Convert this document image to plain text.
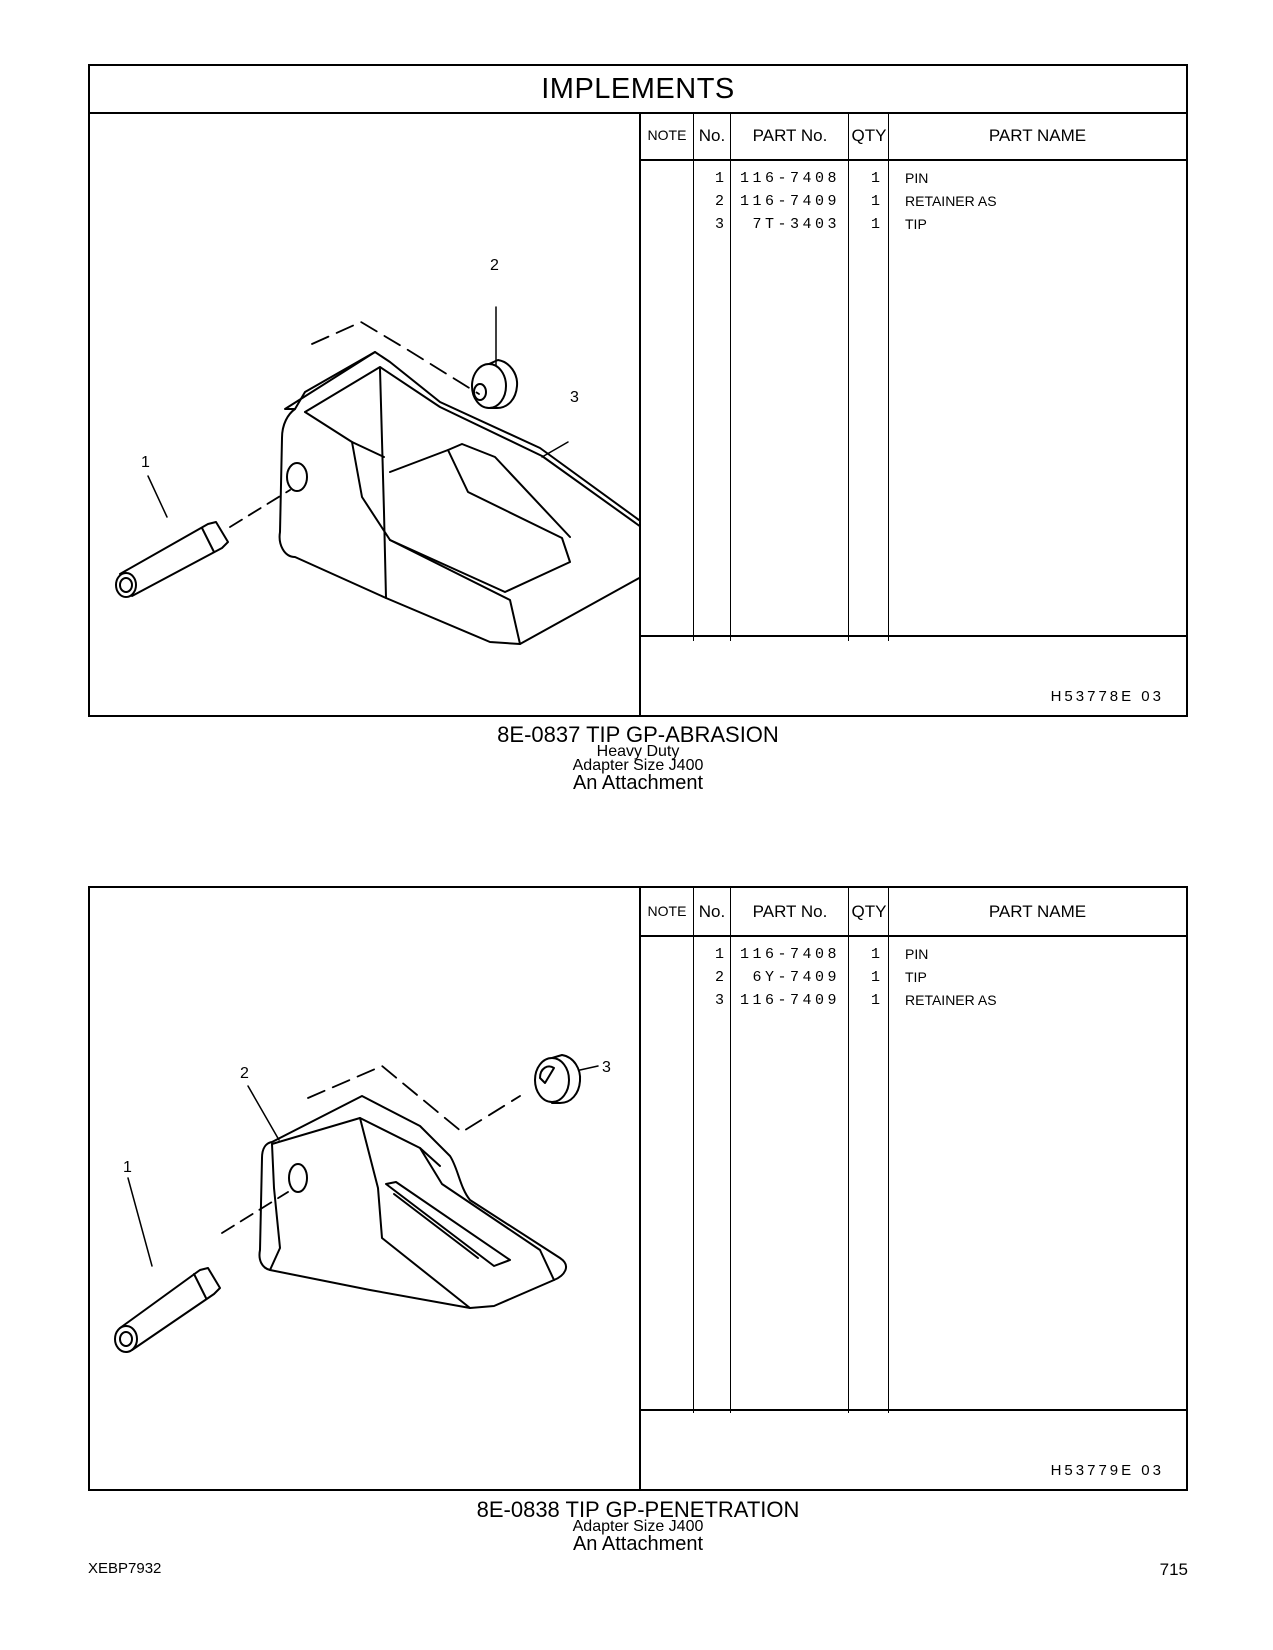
IMPLEMENTS
2
1
3
NOTE No.	PART No.	QTY	PART NAME
1	116-7408	1 PIN
2	116-7409	1 RETAINER AS
3	7T-3403	1 TIP
H53778E 03
8E-0837 TIP GP-ABRASION
Heavy Duty
Adapter Size J400
An Attachment
2
1
3
NOTE No.	PART No.	QTY	PART NAME
1	116-7408	1 PIN
2	6Y-7409	1 TIP
3	116-7409	1 RETAINER AS
H53779E 03
8E-0838 TIP GP-PENETRATION
Adapter Size J400
An Attachment
XEBP7932	715
